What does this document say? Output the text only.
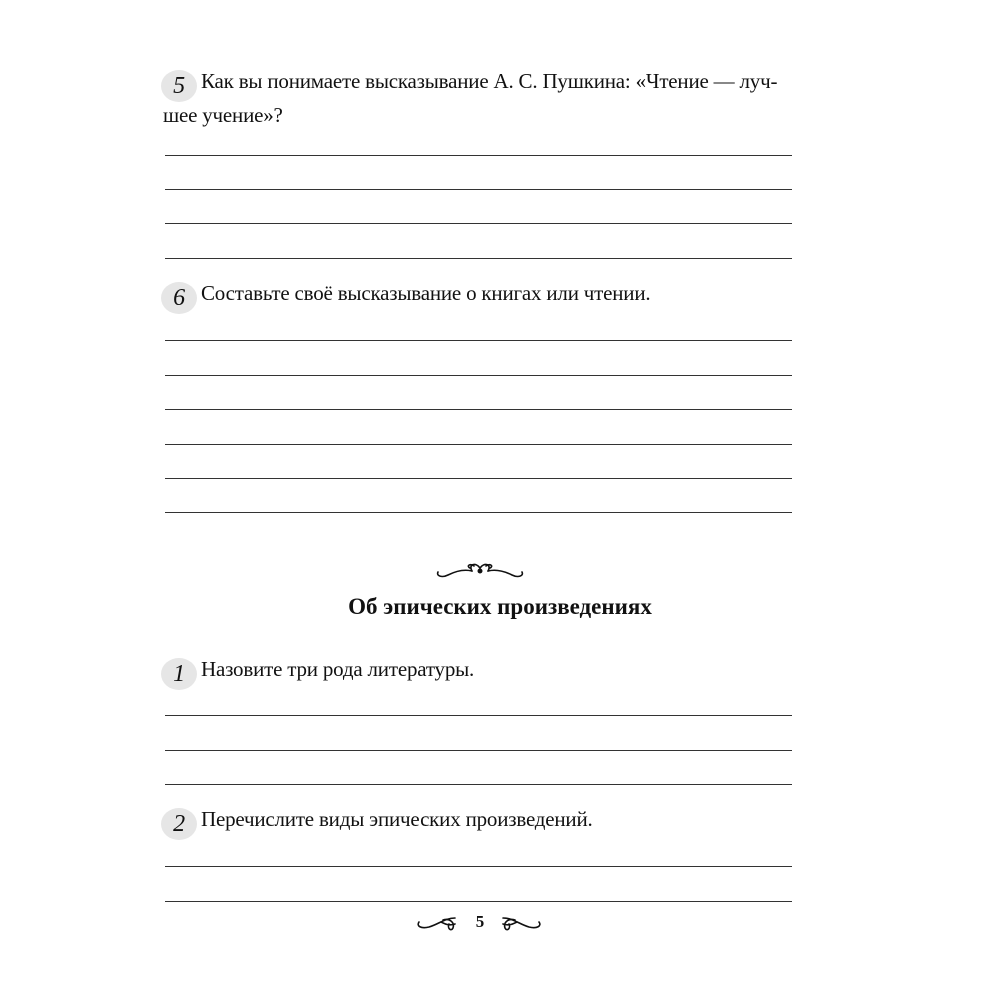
5 Как вы понимаете высказывание А. С. Пушкина: «Чтение — луч-шее учение»?
6 Составьте своё высказывание о книгах или чтении.
Об эпических произведениях
1 Назовите три рода литературы.
2 Перечислите виды эпических произведений.
5
